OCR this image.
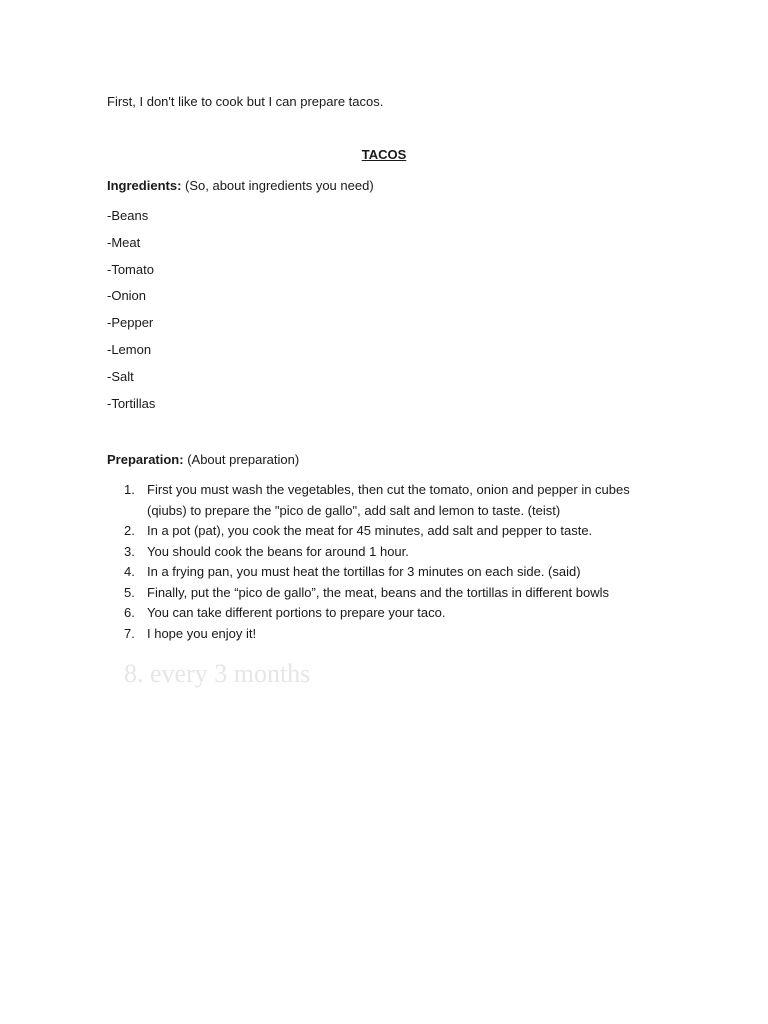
First, I don't like to cook but I can prepare tacos.
TACOS
Ingredients: (So, about ingredients you need)
-Beans
-Meat
-Tomato
-Onion
-Pepper
-Lemon
-Salt
-Tortillas
Preparation: (About preparation)
1. First you must wash the vegetables, then cut the tomato, onion and pepper in cubes (qiubs) to prepare the "pico de gallo", add salt and lemon to taste. (teist)
2. In a pot (pat), you cook the meat for 45 minutes, add salt and pepper to taste.
3. You should cook the beans for around 1 hour.
4. In a frying pan, you must heat the tortillas for 3 minutes on each side. (said)
5. Finally, put the “pico de gallo”, the meat, beans and the tortillas in different bowls
6. You can take different portions to prepare your taco.
7. I hope you enjoy it!
8. every 3 months
